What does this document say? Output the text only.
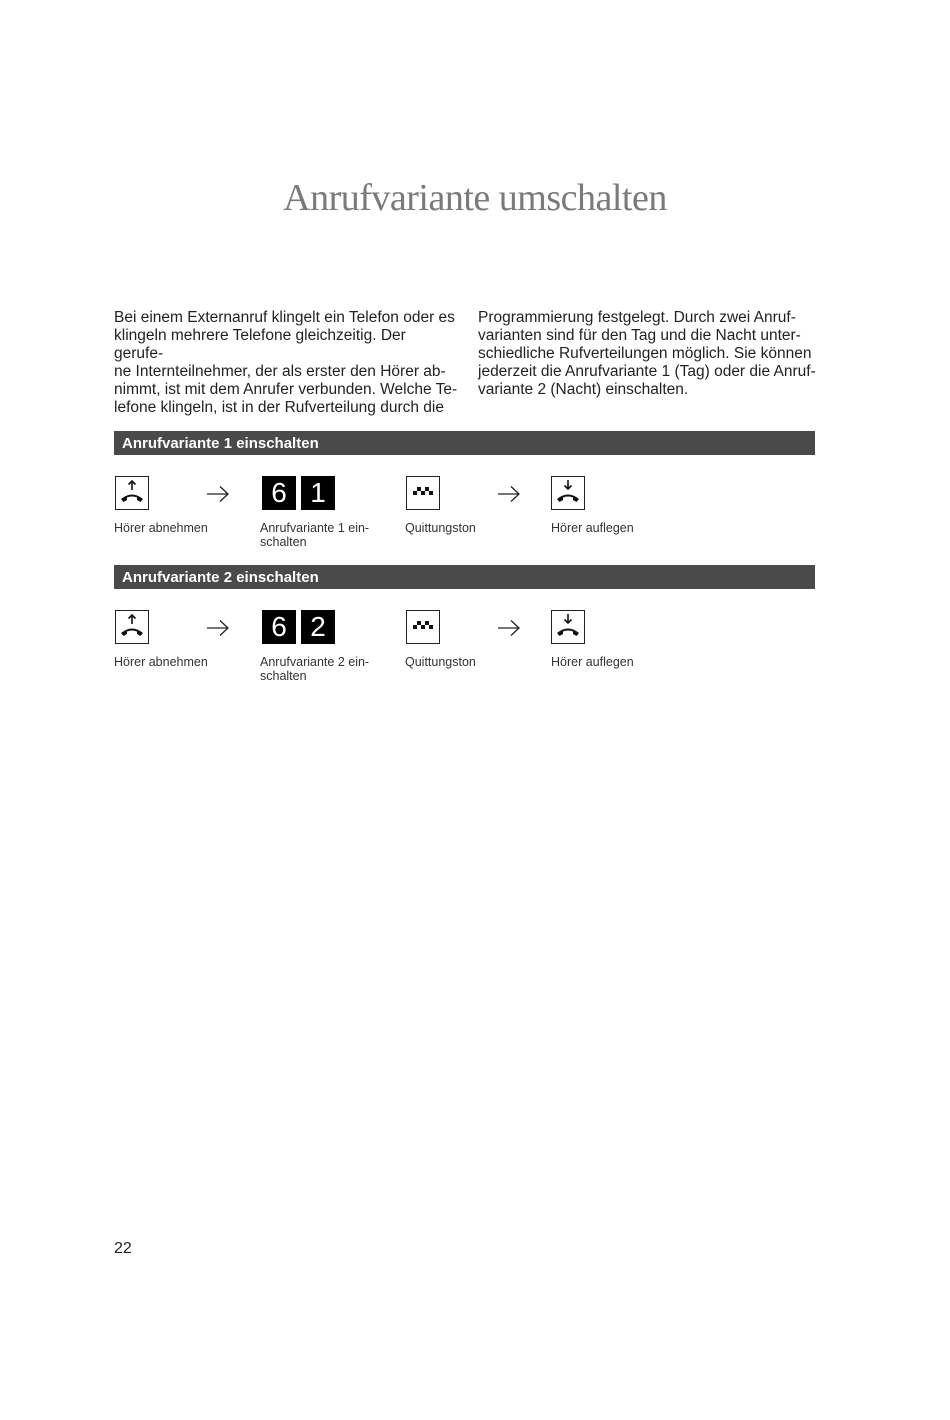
Anrufvariante umschalten

Bei einem Externanruf klingelt ein Telefon oder es
klingeln mehrere Telefone gleichzeitig. Der gerufe-
ne Internteilnehmer, der als erster den Hörer ab-
nimmt, ist mit dem Anrufer verbunden. Welche Te-
lefone klingeln, ist in der Rufverteilung durch die

Programmierung festgelegt. Durch zwei Anruf-
varianten sind für den Tag und die Nacht unter-
schiedliche Rufverteilungen möglich. Sie können
jederzeit die Anrufvariante 1 (Tag) oder die Anruf-
variante 2 (Nacht) einschalten.

Anrufvariante 1 einschalten
6 1
Hörer abnehmen	Anrufvariante 1 ein-
schalten
Quittungston	Hörer auflegen
Anrufvariante 2 einschalten
6 2
Hörer abnehmen	Anrufvariante 2 ein-
schalten
Quittungston	Hörer auflegen
22
